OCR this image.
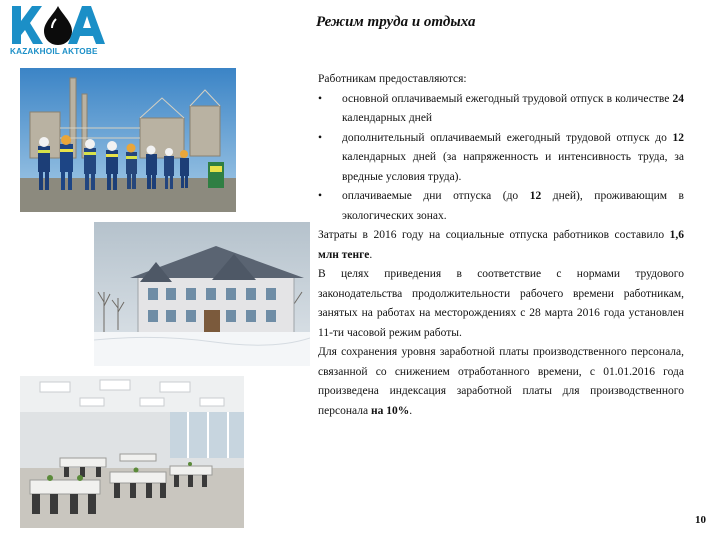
KAZAKHOIL AKTOBE
Режим труда и отдыха

Работникам предоставляются:

• основной оплачиваемый ежегодный трудовой отпуск в количестве 24 календарных дней
• дополнительный оплачиваемый ежегодный трудовой отпуск до 12 календарных дней (за напряженность и интенсивность труда, за вредные условия труда).
• оплачиваемые дни отпуска (до 12 дней), проживающим в экологических зонах.

Затраты в 2016 году на социальные отпуска работников составило 1,6 млн тенге.

В целях приведения в соответствие с нормами трудового законодательства продолжительности рабочего времени работникам, занятых на работах на месторождениях с 28 марта 2016 года установлен 11-ти часовой режим работы.

Для сохранения уровня заработной платы производственного персонала, связанной со снижением отработанного времени, с 01.01.2016 года произведена индексация заработной платы для производственного персонала на 10%.

10
